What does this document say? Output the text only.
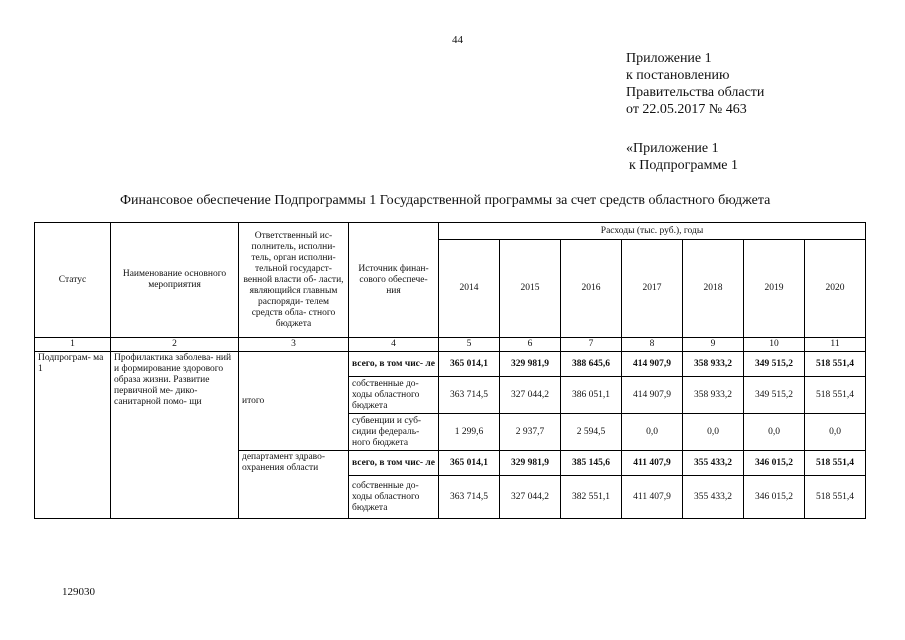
44
Приложение 1
к постановлению
Правительства области
от 22.05.2017 № 463
«Приложение 1
к Подпрограмме 1
Финансовое обеспечение Подпрограммы 1 Государственной программы за счет средств областного бюджета
Статус	Наименование основного мероприятия	Ответственный ис- полнитель, исполни- тель, орган исполни- тельной государст- венной власти об- ласти, являющийся главным распоряди- телем средств обла- стного бюджета	Источник финан- сового обеспече- ния	Расходы (тыс. руб.), годы						
				2014	2015	2016	2017	2018	2019	2020
1	2	3	4	5	6	7	8	9	10	11
Подпрограм- ма 1	Профилактика заболева- ний и формирование здорового образа жизни. Развитие первичной ме- дико-санитарной помо- щи	итого	всего, в том чис- ле	365 014,1	329 981,9	388 645,6	414 907,9	358 933,2	349 515,2	518 551,4
			собственные до- ходы областного бюджета	363 714,5	327 044,2	386 051,1	414 907,9	358 933,2	349 515,2	518 551,4
			субвенции и суб- сидии федераль- ного бюджета	1 299,6	2 937,7	2 594,5	0,0	0,0	0,0	0,0
		департамент здраво- охранения области	всего, в том чис- ле	365 014,1	329 981,9	385 145,6	411 407,9	355 433,2	346 015,2	518 551,4
			собственные до- ходы областного бюджета	363 714,5	327 044,2	382 551,1	411 407,9	355 433,2	346 015,2	518 551,4
129030
